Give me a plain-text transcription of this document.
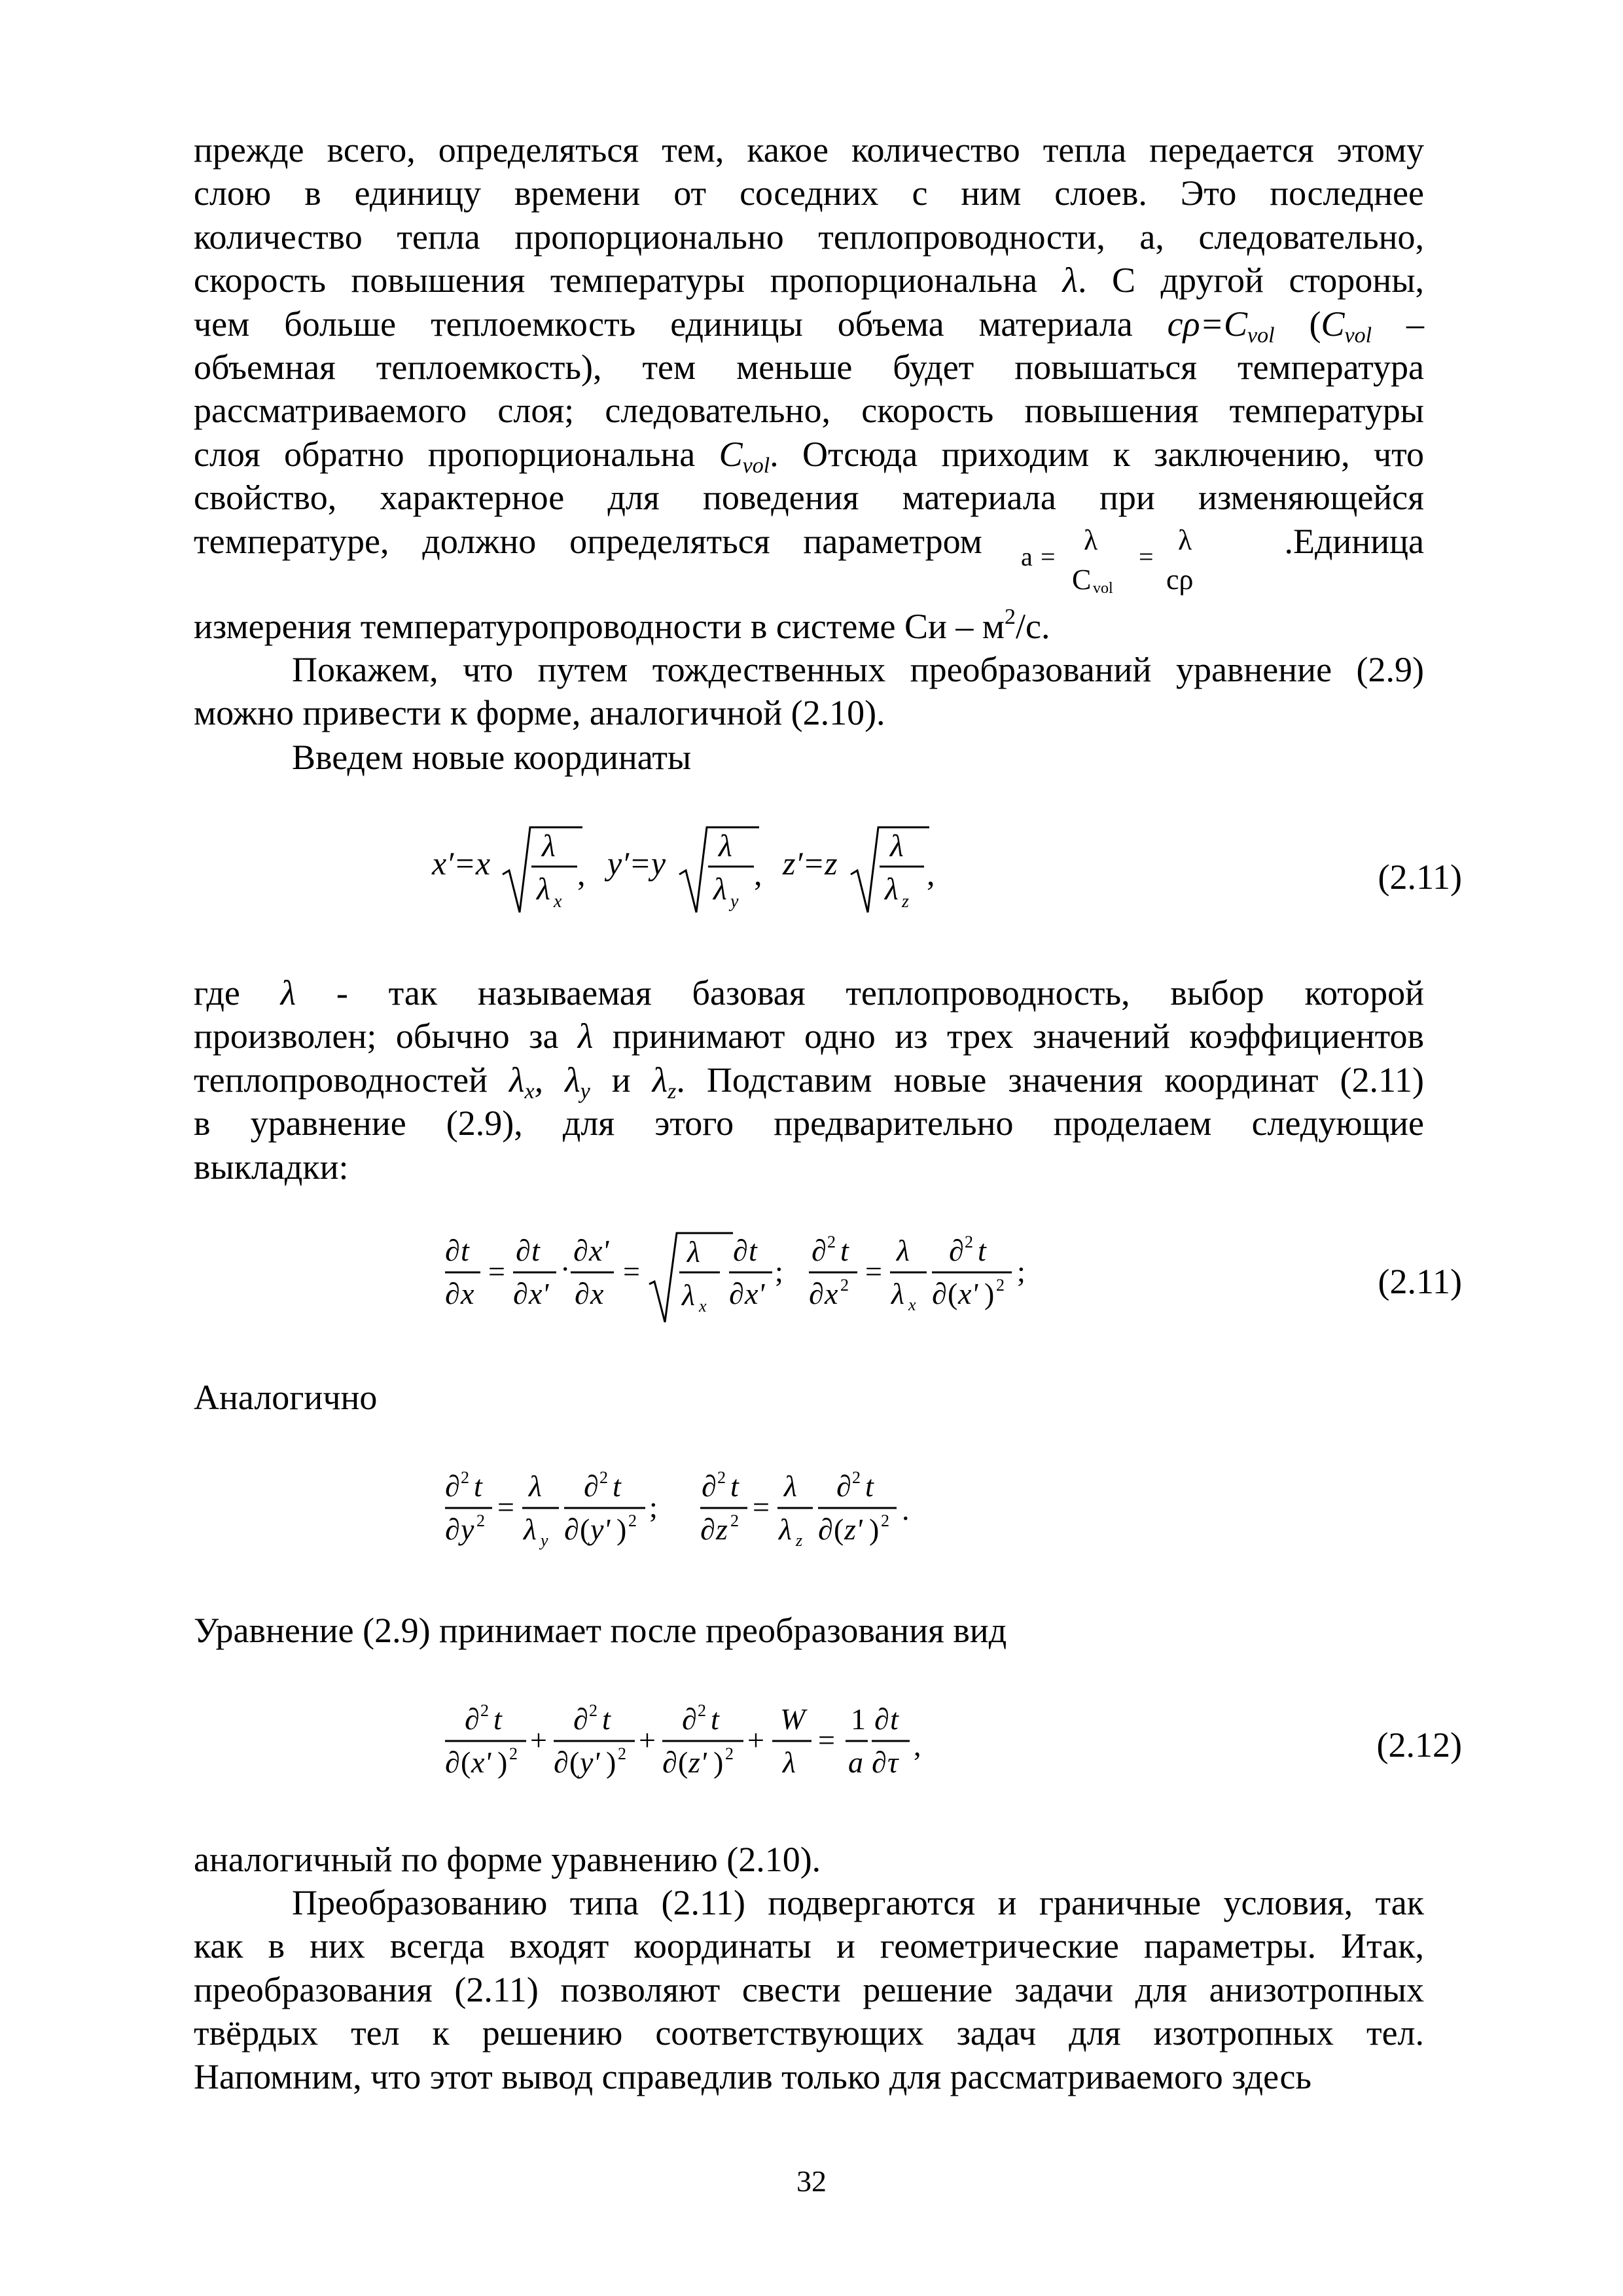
прежде всего, определяться тем, какое количество тепла передается этому
слою в единицу времени от соседних с ним слоев. Это последнее
количество тепла пропорционально теплопроводности, а, следовательно,
скорость повышения температуры пропорциональна λ. С другой стороны,
чем больше теплоемкость единицы объема материала $c\rho=C_{vol}$ ($C_{vol}$ –
объемная теплоемкость), тем меньше будет повышаться температура
рассматриваемого слоя; следовательно, скорость повышения температуры
слоя обратно пропорциональна $C_{vol}$. Отсюда приходим к заключению, что
свойство, характерное для поведения материала при изменяющейся
температуре, должно определяться параметром	.Единица
a =
λ
C vol
=
λ
cρ
измерения температуропроводности в системе Си – $м^2/с$.
Покажем, что путем тождественных преобразований уравнение (2.9)
можно привести к форме, аналогичной (2.10).
Введем новые координаты
x′=x λ
λ x
, y′=y λ
λ y
, z′=z λ
λ z
,	(2.11)
где λ - так называемая базовая теплопроводность, выбор которой
произволен; обычно за λ принимают одно из трех значений коэффициентов
теплопроводностей $\lambda_x$, $\lambda_y$ и $\lambda_z$. Подставим новые значения координат (2.11)
в уравнение (2.9), для этого предварительно проделаем следующие
выкладки:
∂ t
∂ x
=
∂ t
∂ x'
·
∂ x'
∂ x
=
λ
λ x
∂ t
∂ x'
;
∂ 2 t
∂ x 2 =
λ
λ x
∂ 2 t
∂ ( x' ) 2 ;	(2.11)
Аналогично
∂ 2 t
∂ y 2 =
λ
λ y
∂ 2 t
∂ ( y' ) 2 ;
∂ 2 t
∂ z 2 =
λ
λ z
∂ 2 t
∂ ( z' ) 2 .
Уравнение (2.9) принимает после преобразования вид
∂ 2 t
∂ ( x' ) 2 +
∂ 2 t
∂ ( y' ) 2 +
∂ 2 t
∂ ( z' ) 2 +
W
λ
=
1
a
∂ t
∂ τ
,	(2.12)
аналогичный по форме уравнению (2.10).
Преобразованию типа (2.11) подвергаются и граничные условия, так
как в них всегда входят координаты и геометрические параметры. Итак,
преобразования (2.11) позволяют свести решение задачи для анизотропных
твёрдых тел к решению соответствующих задач для изотропных тел.
Напомним, что этот вывод справедлив только для рассматриваемого здесь
32
